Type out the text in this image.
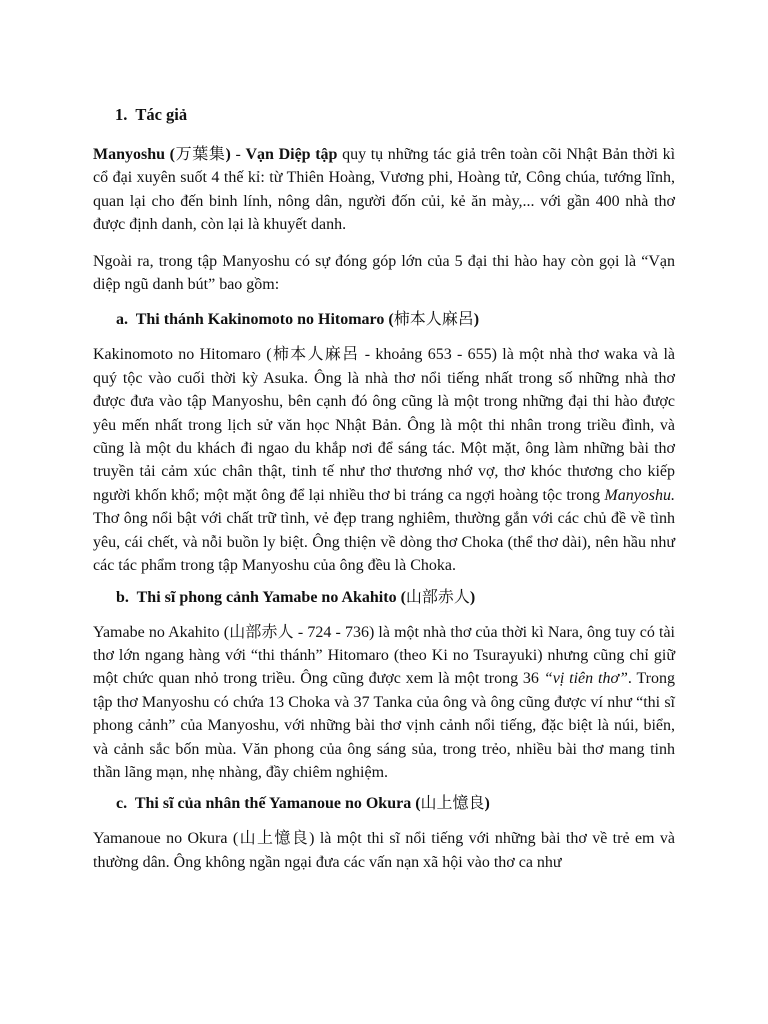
1. Tác giả

Manyoshu (万葉集) - Vạn Diệp tập quy tụ những tác giả trên toàn cõi Nhật Bản thời kì cổ đại xuyên suốt 4 thế kỉ: từ Thiên Hoàng, Vương phi, Hoàng tử, Công chúa, tướng lĩnh, quan lại cho đến binh lính, nông dân, người đốn củi, kẻ ăn mày,... với gần 400 nhà thơ được định danh, còn lại là khuyết danh.

Ngoài ra, trong tập Manyoshu có sự đóng góp lớn của 5 đại thi hào hay còn gọi là “Vạn diệp ngũ danh bút” bao gồm:

a. Thi thánh Kakinomoto no Hitomaro (柿本人麻呂)

Kakinomoto no Hitomaro (柿本人麻呂 - khoảng 653 - 655) là một nhà thơ waka và là quý tộc vào cuối thời kỳ Asuka. Ông là nhà thơ nổi tiếng nhất trong số những nhà thơ được đưa vào tập Manyoshu, bên cạnh đó ông cũng là một trong những đại thi hào được yêu mến nhất trong lịch sử văn học Nhật Bản. Ông là một thi nhân trong triều đình, và cũng là một du khách đi ngao du khắp nơi để sáng tác. Một mặt, ông làm những bài thơ truyền tải cảm xúc chân thật, tinh tế như thơ thương nhớ vợ, thơ khóc thương cho kiếp người khốn khổ; một mặt ông để lại nhiều thơ bi tráng ca ngợi hoàng tộc trong Manyoshu. Thơ ông nổi bật với chất trữ tình, vẻ đẹp trang nghiêm, thường gắn với các chủ đề về tình yêu, cái chết, và nỗi buồn ly biệt. Ông thiện về dòng thơ Choka (thể thơ dài), nên hầu như các tác phẩm trong tập Manyoshu của ông đều là Choka.

b. Thi sĩ phong cảnh Yamabe no Akahito (山部赤人)

Yamabe no Akahito (山部赤人 - 724 - 736) là một nhà thơ của thời kì Nara, ông tuy có tài thơ lớn ngang hàng với “thi thánh” Hitomaro (theo Ki no Tsurayuki) nhưng cũng chỉ giữ một chức quan nhỏ trong triều. Ông cũng được xem là một trong 36 “vị tiên thơ”. Trong tập thơ Manyoshu có chứa 13 Choka và 37 Tanka của ông và ông cũng được ví như “thi sĩ phong cảnh” của Manyoshu, với những bài thơ vịnh cảnh nổi tiếng, đặc biệt là núi, biển, và cảnh sắc bốn mùa. Văn phong của ông sáng sủa, trong trẻo, nhiều bài thơ mang tinh thần lãng mạn, nhẹ nhàng, đầy chiêm nghiệm.

c. Thi sĩ của nhân thế Yamanoue no Okura (山上憶良)

Yamanoue no Okura (山上憶良) là một thi sĩ nổi tiếng với những bài thơ về trẻ em và thường dân. Ông không ngần ngại đưa các vấn nạn xã hội vào thơ ca như
